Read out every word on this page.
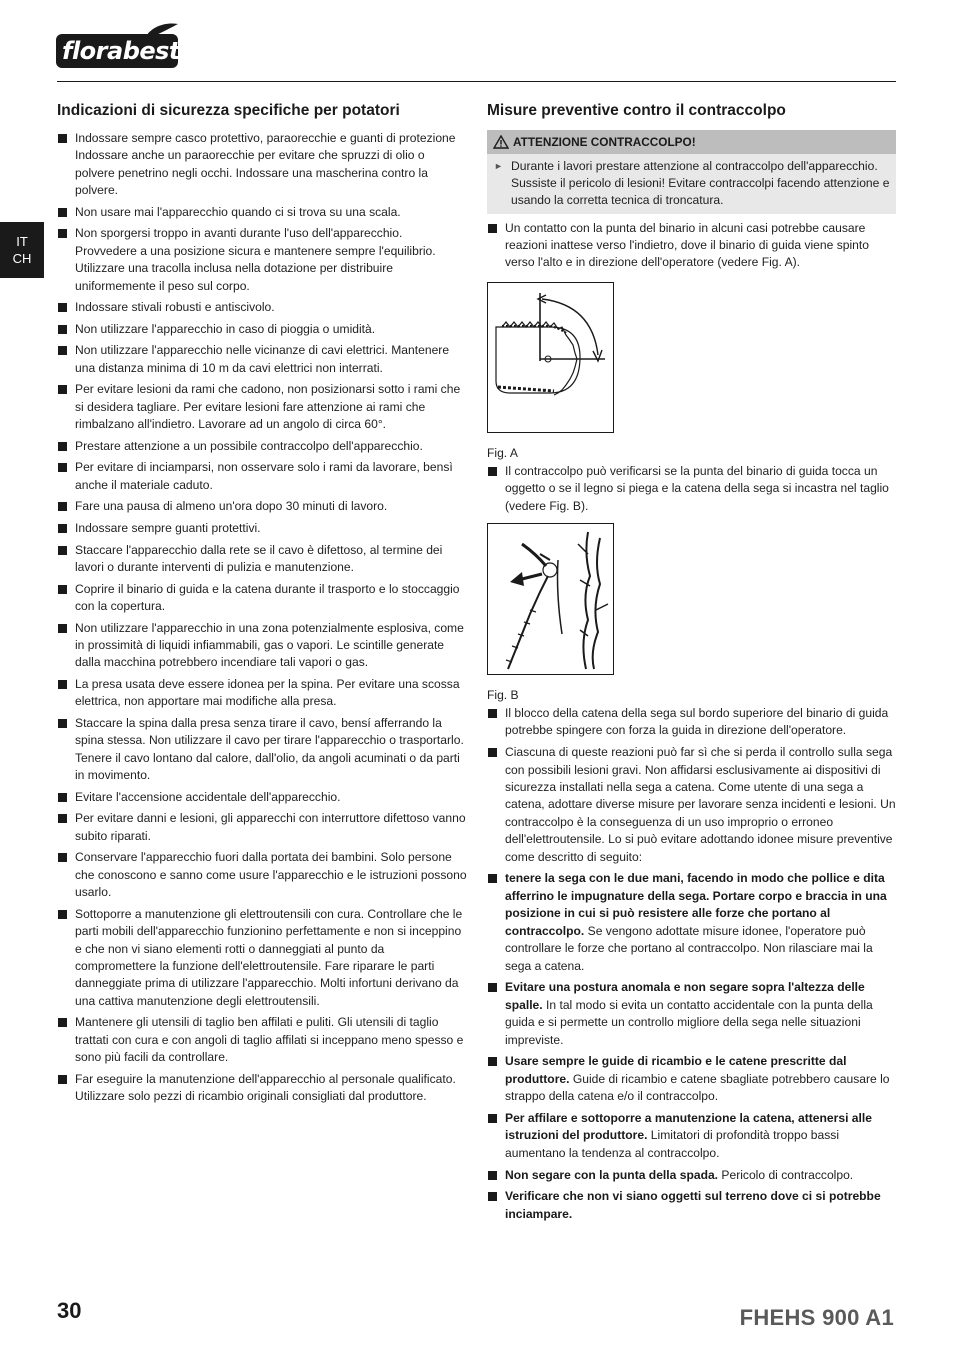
florabest
IT
CH
Indicazioni di sicurezza specifiche per potatori
Indossare sempre casco protettivo, paraorecchie e guanti di protezione Indossare anche un paraorecchie per evitare che spruzzi di olio o polvere penetrino negli occhi. Indossare una mascherina contro la polvere.
Non usare mai l'apparecchio quando ci si trova su una scala.
Non sporgersi troppo in avanti durante l'uso dell'apparecchio. Provvedere a una posizione sicura e mantenere sempre l'equilibrio. Utilizzare una tracolla inclusa nella dotazione per distribuire uniformemente il peso sul corpo.
Indossare stivali robusti e antiscivolo.
Non utilizzare l'apparecchio in caso di pioggia o umidità.
Non utilizzare l'apparecchio nelle vicinanze di cavi elettrici. Mantenere una distanza minima di 10 m da cavi elettrici non interrati.
Per evitare lesioni da rami che cadono, non posizionarsi sotto i rami che si desidera tagliare. Per evitare lesioni fare attenzione ai rami che rimbalzano all'indietro. Lavorare ad un angolo di circa 60°.
Prestare attenzione a un possibile contraccolpo dell'apparecchio.
Per evitare di inciamparsi, non osservare solo i rami da lavorare, bensì anche il materiale caduto.
Fare una pausa di almeno un'ora dopo 30 minuti di lavoro.
Indossare sempre guanti protettivi.
Staccare l'apparecchio dalla rete se il cavo è difettoso, al termine dei lavori o durante interventi di pulizia e manutenzione.
Coprire il binario di guida e la catena durante il trasporto e lo stoccaggio con la copertura.
Non utilizzare l'apparecchio in una zona potenzialmente esplosiva, come in prossimità di liquidi infiammabili, gas o vapori. Le scintille generate dalla macchina potrebbero incendiare tali vapori o gas.
La presa usata deve essere idonea per la spina. Per evitare una scossa elettrica, non apportare mai modifiche alla presa.
Staccare la spina dalla presa senza tirare il cavo, bensí afferrando la spina stessa. Non utilizzare il cavo per tirare l'apparecchio o trasportarlo. Tenere il cavo lontano dal calore, dall'olio, da angoli acuminati o da parti in movimento.
Evitare l'accensione accidentale dell'apparecchio.
Per evitare danni e lesioni, gli apparecchi con interruttore difettoso vanno subito riparati.
Conservare l'apparecchio fuori dalla portata dei bambini. Solo persone che conoscono e sanno come usure l'apparecchio e le istruzioni possono usarlo.
Sottoporre a manutenzione gli elettroutensili con cura. Controllare che le parti mobili dell'apparecchio funzionino perfettamente e non si inceppino e che non vi siano elementi rotti o danneggiati al punto da compromettere la funzione dell'elettroutensile. Fare riparare le parti danneggiate prima di utilizzare l'apparecchio. Molti infortuni derivano da una cattiva manutenzione degli elettroutensili.
Mantenere gli utensili di taglio ben affilati e puliti. Gli utensili di taglio trattati con cura e con angoli di taglio affilati si inceppano meno spesso e sono più facili da controllare.
Far eseguire la manutenzione dell'apparecchio al personale qualificato. Utilizzare solo pezzi di ricambio originali consigliati dal produttore.
Misure preventive contro il contraccolpo
ATTENZIONE CONTRACCOLPO!
► Durante i lavori prestare attenzione al contraccolpo dell'apparecchio. Sussiste il pericolo di lesioni! Evitare contraccolpi facendo attenzione e usando la corretta tecnica di troncatura.
Un contatto con la punta del binario in alcuni casi potrebbe causare reazioni inattese verso l'indietro, dove il binario di guida viene spinto verso l'alto e in direzione dell'operatore (vedere Fig. A).
Fig. A
Il contraccolpo può verificarsi se la punta del binario di guida tocca un oggetto o se il legno si piega e la catena della sega si incastra nel taglio (vedere Fig. B).
Fig. B
Il blocco della catena della sega sul bordo superiore del binario di guida potrebbe spingere con forza la guida in direzione dell'operatore.
Ciascuna di queste reazioni può far sì che si perda il controllo sulla sega con possibili lesioni gravi. Non affidarsi esclusivamente ai dispositivi di sicurezza installati nella sega a catena. Come utente di una sega a catena, adottare diverse misure per lavorare senza incidenti e lesioni. Un contraccolpo è la conseguenza di un uso improprio o erroneo dell'elettroutensile. Lo si può evitare adottando idonee misure preventive come descritto di seguito:
tenere la sega con le due mani, facendo in modo che pollice e dita afferrino le impugnature della sega. Portare corpo e braccia in una posizione in cui si può resistere alle forze che portano al contraccolpo. Se vengono adottate misure idonee, l'operatore può controllare le forze che portano al contraccolpo. Non rilasciare mai la sega a catena.
Evitare una postura anomala e non segare sopra l'altezza delle spalle. In tal modo si evita un contatto accidentale con la punta della guida e si permette un controllo migliore della sega nelle situazioni impreviste.
Usare sempre le guide di ricambio e le catene prescritte dal produttore. Guide di ricambio e catene sbagliate potrebbero causare lo strappo della catena e/o il contraccolpo.
Per affilare e sottoporre a manutenzione la catena, attenersi alle istruzioni del produttore. Limitatori di profondità troppo bassi aumentano la tendenza al contraccolpo.
Non segare con la punta della spada. Pericolo di contraccolpo.
Verificare che non vi siano oggetti sul terreno dove ci si potrebbe inciampare.
30	FHEHS 900 A1
